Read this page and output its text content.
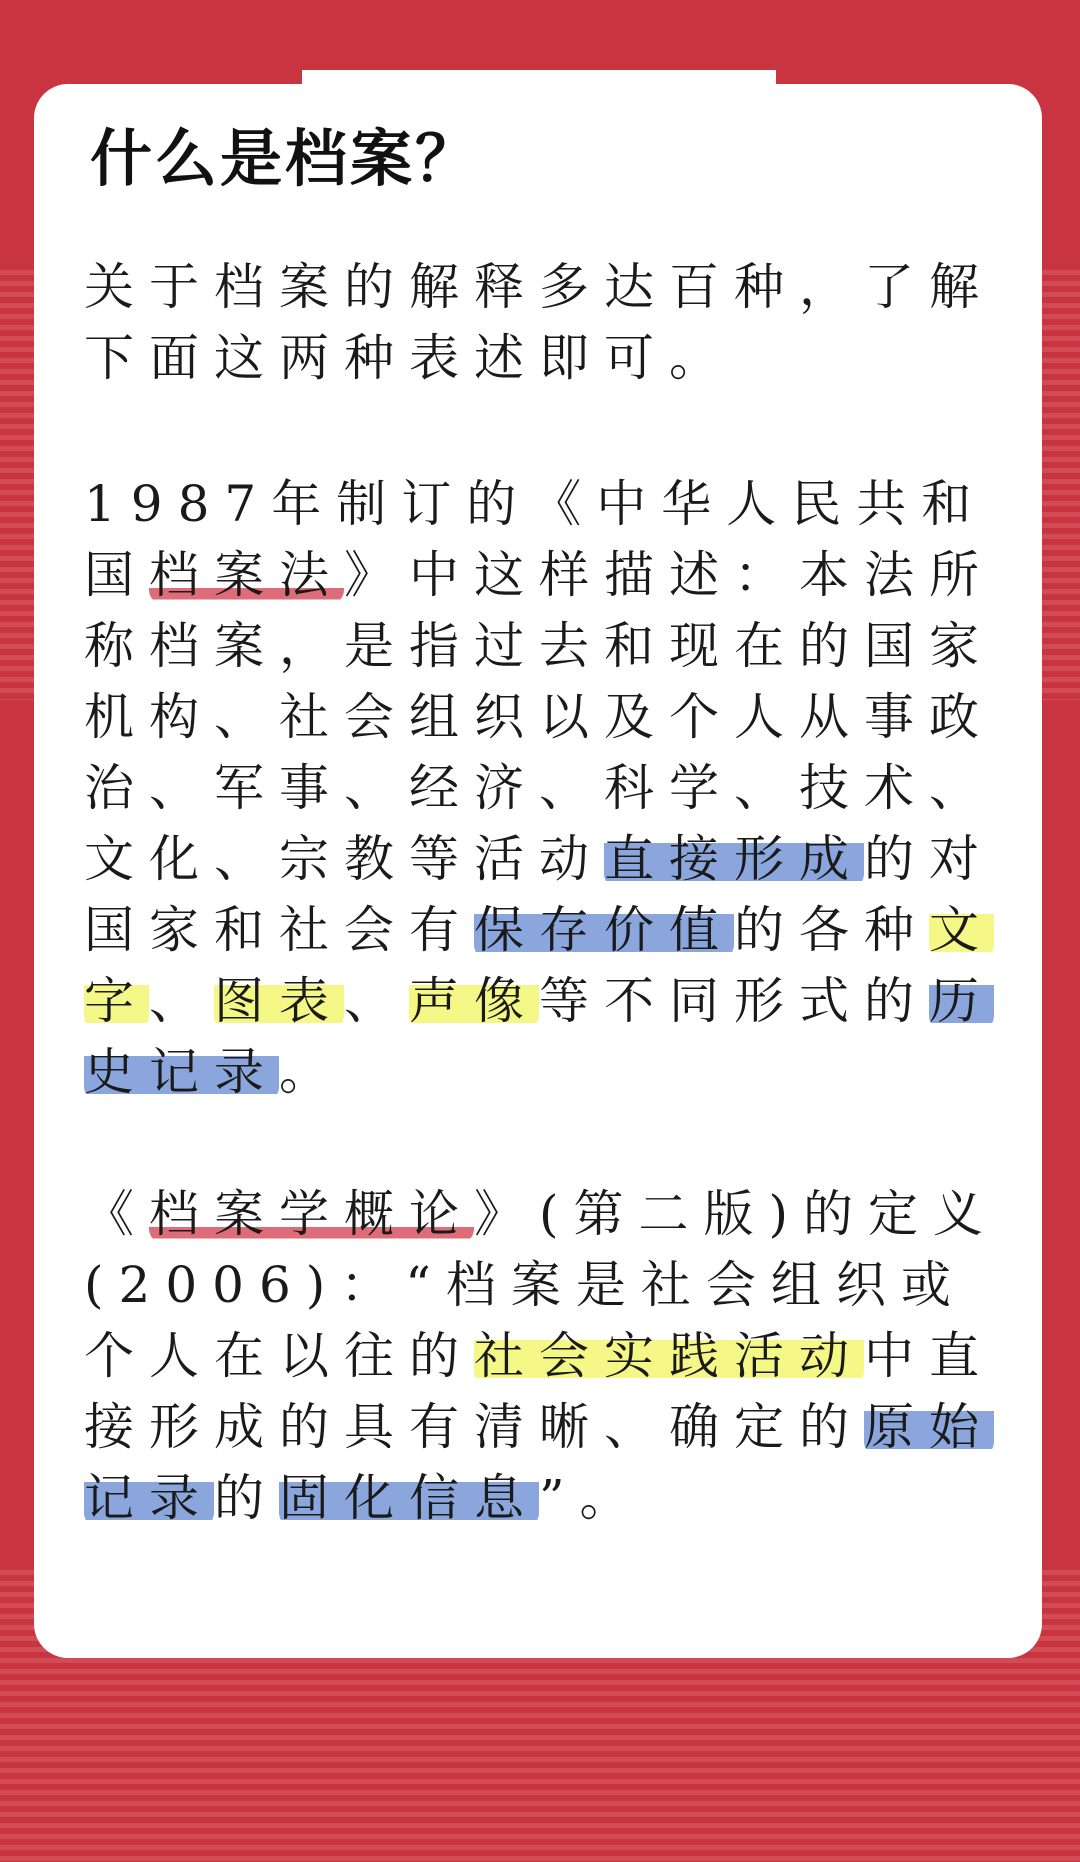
什么是档案？

关于档案的解释多达百种，了解下面这两种表述即可。

1987年制订的《中华人民共和国档案法》中这样描述：本法所称档案，是指过去和现在的国家机构、社会组织以及个人从事政治、军事、经济、科学、技术、文化、宗教等活动直接形成的对国家和社会有保存价值的各种文字、图表、声像等不同形式的历史记录。

《档案学概论》(第二版)的定义(2006)：“档案是社会组织或个人在以往的社会实践活动中直接形成的具有清晰、确定的原始记录的固化信息”。
